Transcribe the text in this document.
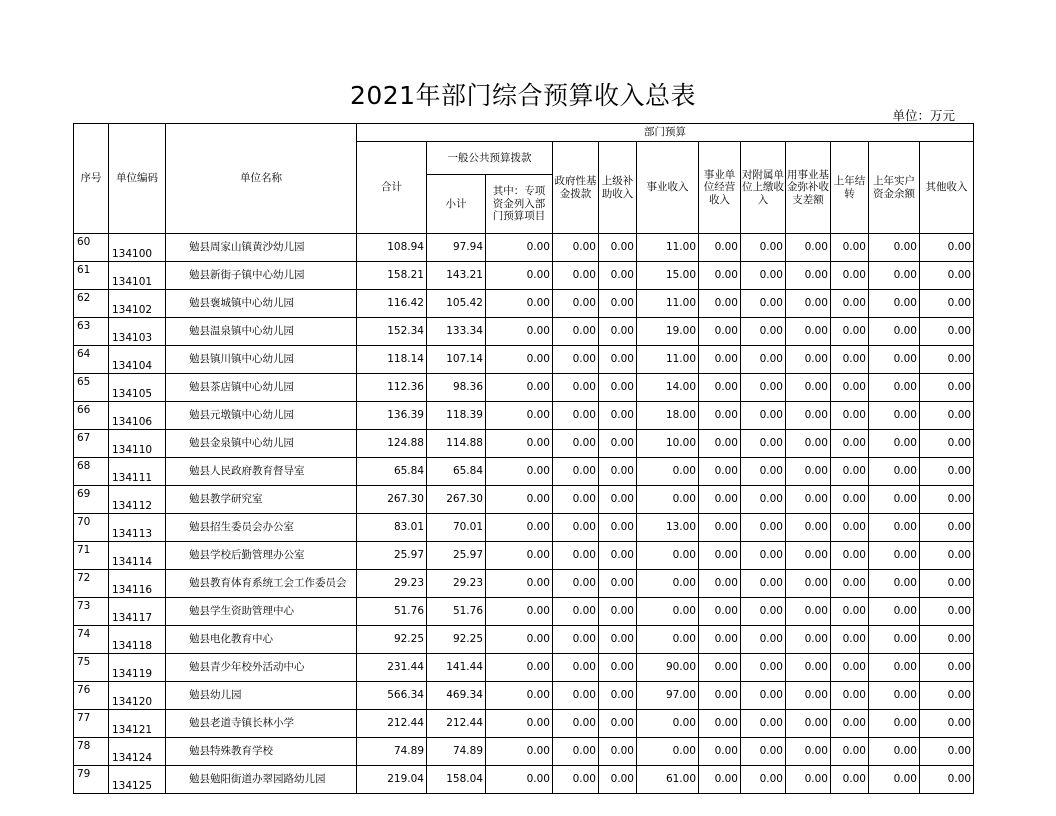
2021年部门综合预算收入总表
单位：万元
序号	单位编码	单位名称	部门预算											
			合计	一般公共预算拨款		政府性基金拨款	上级补助收入	事业收入	事业单位经营收入	对附属单位上缴收入	用事业基金弥补收支差额	上年结转	上年实户资金余额	其他收入
				小计	其中：专项资金列入部门预算项目									
60	134100	勉县周家山镇黄沙幼儿园	108.94	97.94	0.00	0.00	0.00	11.00	0.00	0.00	0.00	0.00	0.00	0.00
61	134101	勉县新街子镇中心幼儿园	158.21	143.21	0.00	0.00	0.00	15.00	0.00	0.00	0.00	0.00	0.00	0.00
62	134102	勉县褒城镇中心幼儿园	116.42	105.42	0.00	0.00	0.00	11.00	0.00	0.00	0.00	0.00	0.00	0.00
63	134103	勉县温泉镇中心幼儿园	152.34	133.34	0.00	0.00	0.00	19.00	0.00	0.00	0.00	0.00	0.00	0.00
64	134104	勉县镇川镇中心幼儿园	118.14	107.14	0.00	0.00	0.00	11.00	0.00	0.00	0.00	0.00	0.00	0.00
65	134105	勉县茶店镇中心幼儿园	112.36	98.36	0.00	0.00	0.00	14.00	0.00	0.00	0.00	0.00	0.00	0.00
66	134106	勉县元墩镇中心幼儿园	136.39	118.39	0.00	0.00	0.00	18.00	0.00	0.00	0.00	0.00	0.00	0.00
67	134110	勉县金泉镇中心幼儿园	124.88	114.88	0.00	0.00	0.00	10.00	0.00	0.00	0.00	0.00	0.00	0.00
68	134111	勉县人民政府教育督导室	65.84	65.84	0.00	0.00	0.00	0.00	0.00	0.00	0.00	0.00	0.00	0.00
69	134112	勉县教学研究室	267.30	267.30	0.00	0.00	0.00	0.00	0.00	0.00	0.00	0.00	0.00	0.00
70	134113	勉县招生委员会办公室	83.01	70.01	0.00	0.00	0.00	13.00	0.00	0.00	0.00	0.00	0.00	0.00
71	134114	勉县学校后勤管理办公室	25.97	25.97	0.00	0.00	0.00	0.00	0.00	0.00	0.00	0.00	0.00	0.00
72	134116	勉县教育体育系统工会工作委员会	29.23	29.23	0.00	0.00	0.00	0.00	0.00	0.00	0.00	0.00	0.00	0.00
73	134117	勉县学生资助管理中心	51.76	51.76	0.00	0.00	0.00	0.00	0.00	0.00	0.00	0.00	0.00	0.00
74	134118	勉县电化教育中心	92.25	92.25	0.00	0.00	0.00	0.00	0.00	0.00	0.00	0.00	0.00	0.00
75	134119	勉县青少年校外活动中心	231.44	141.44	0.00	0.00	0.00	90.00	0.00	0.00	0.00	0.00	0.00	0.00
76	134120	勉县幼儿园	566.34	469.34	0.00	0.00	0.00	97.00	0.00	0.00	0.00	0.00	0.00	0.00
77	134121	勉县老道寺镇长林小学	212.44	212.44	0.00	0.00	0.00	0.00	0.00	0.00	0.00	0.00	0.00	0.00
78	134124	勉县特殊教育学校	74.89	74.89	0.00	0.00	0.00	0.00	0.00	0.00	0.00	0.00	0.00	0.00
79	134125	勉县勉阳街道办翠园路幼儿园	219.04	158.04	0.00	0.00	0.00	61.00	0.00	0.00	0.00	0.00	0.00	0.00
